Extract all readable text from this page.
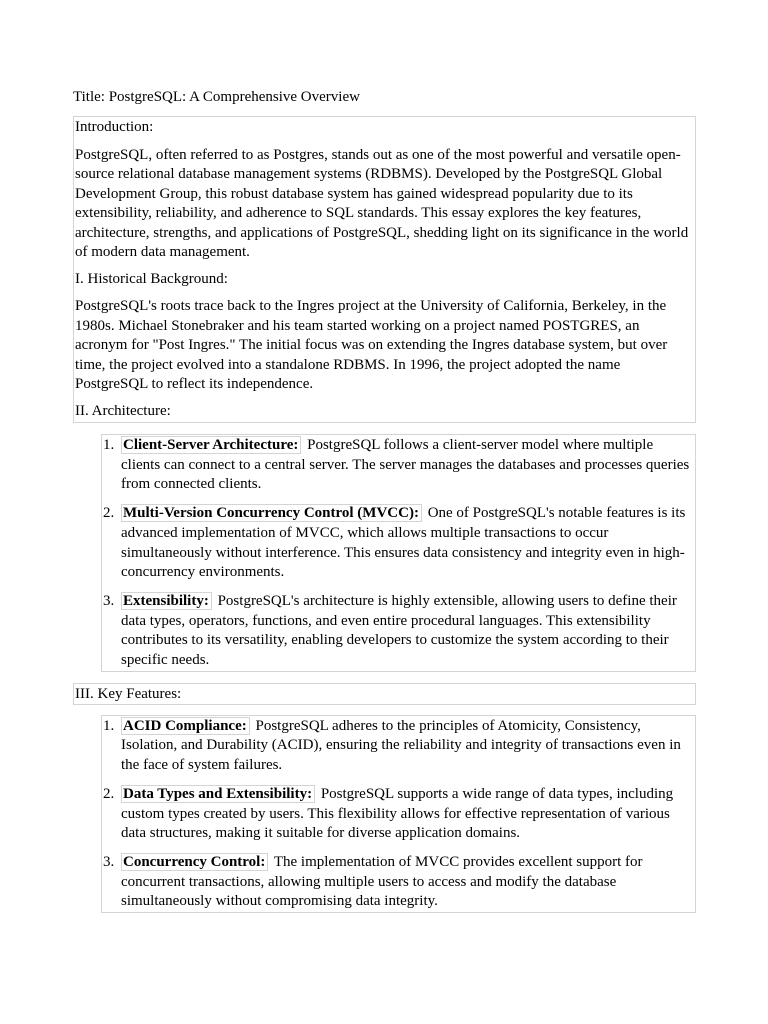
Title: PostgreSQL: A Comprehensive Overview

Introduction:

PostgreSQL, often referred to as Postgres, stands out as one of the most powerful and versatile open-source relational database management systems (RDBMS). Developed by the PostgreSQL Global Development Group, this robust database system has gained widespread popularity due to its extensibility, reliability, and adherence to SQL standards. This essay explores the key features, architecture, strengths, and applications of PostgreSQL, shedding light on its significance in the world of modern data management.

I. Historical Background:

PostgreSQL's roots trace back to the Ingres project at the University of California, Berkeley, in the 1980s. Michael Stonebraker and his team started working on a project named POSTGRES, an acronym for "Post Ingres." The initial focus was on extending the Ingres database system, but over time, the project evolved into a standalone RDBMS. In 1996, the project adopted the name PostgreSQL to reflect its independence.

II. Architecture:

1. Client-Server Architecture: PostgreSQL follows a client-server model where multiple clients can connect to a central server. The server manages the databases and processes queries from connected clients.
2. Multi-Version Concurrency Control (MVCC): One of PostgreSQL's notable features is its advanced implementation of MVCC, which allows multiple transactions to occur simultaneously without interference. This ensures data consistency and integrity even in high-concurrency environments.
3. Extensibility: PostgreSQL's architecture is highly extensible, allowing users to define their data types, operators, functions, and even entire procedural languages. This extensibility contributes to its versatility, enabling developers to customize the system according to their specific needs.
III. Key Features:
1. ACID Compliance: PostgreSQL adheres to the principles of Atomicity, Consistency, Isolation, and Durability (ACID), ensuring the reliability and integrity of transactions even in the face of system failures.
2. Data Types and Extensibility: PostgreSQL supports a wide range of data types, including custom types created by users. This flexibility allows for effective representation of various data structures, making it suitable for diverse application domains.
3. Concurrency Control: The implementation of MVCC provides excellent support for concurrent transactions, allowing multiple users to access and modify the database simultaneously without compromising data integrity.
